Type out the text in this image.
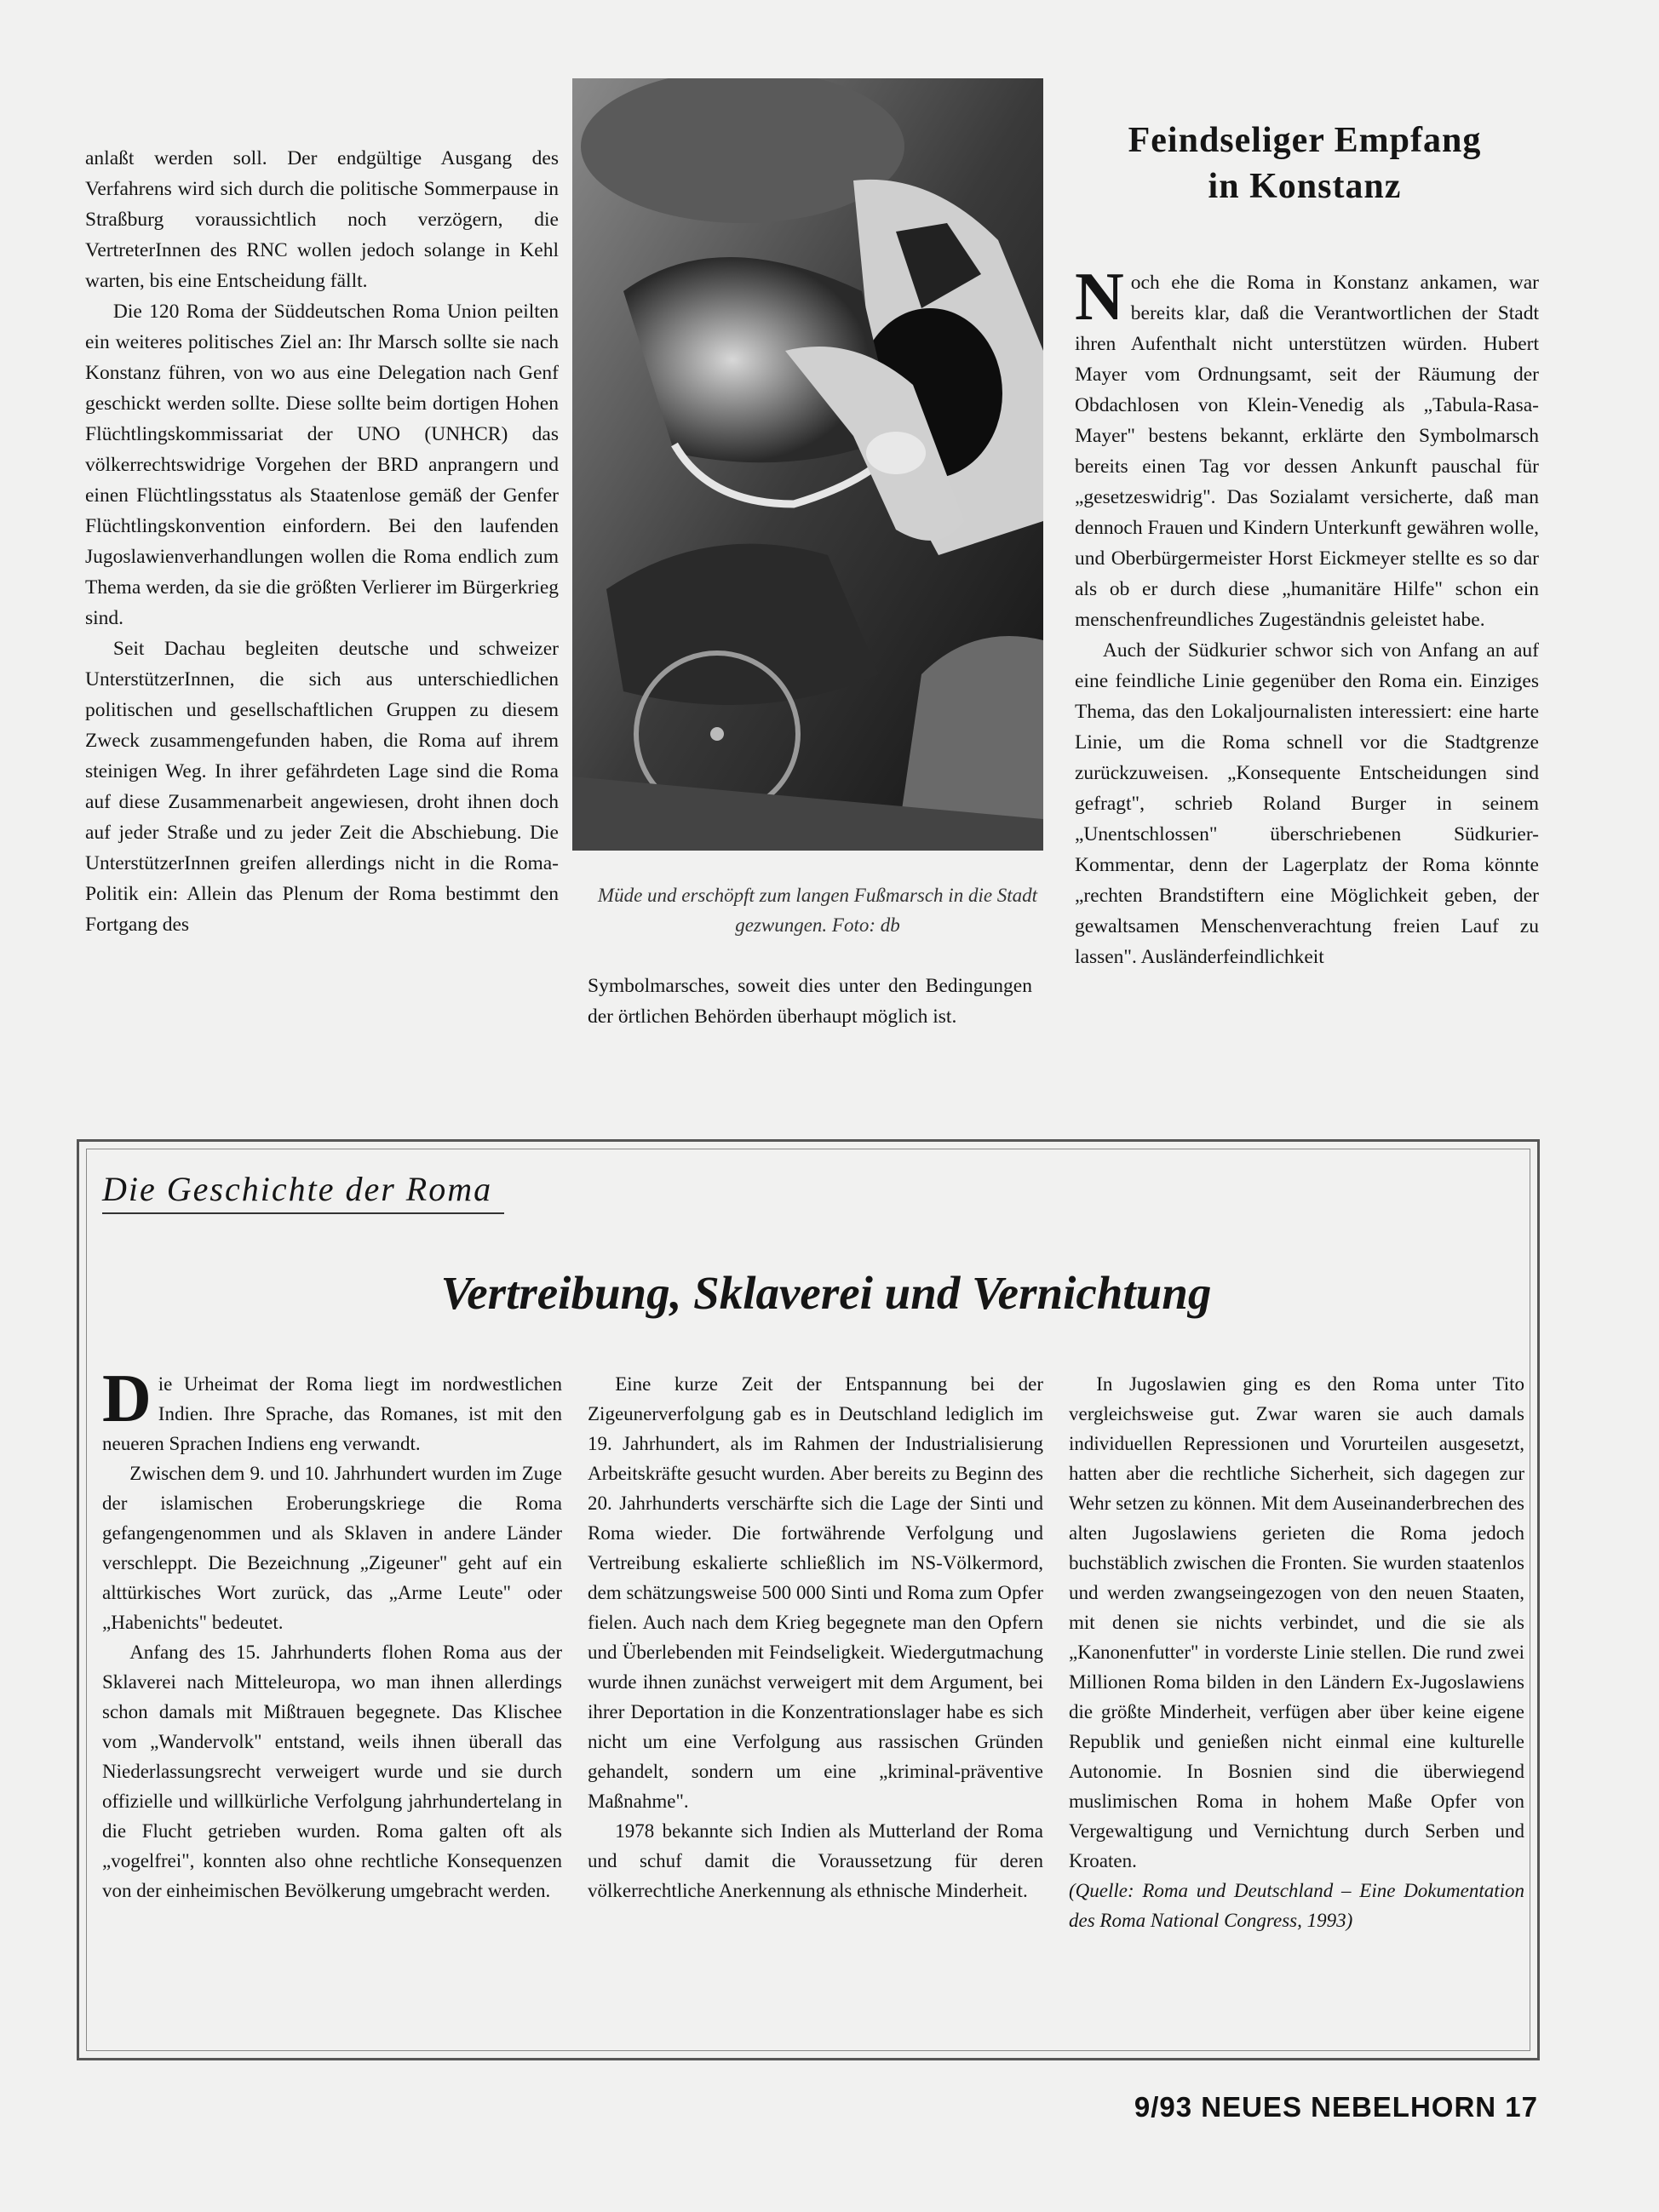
anlaßt werden soll. Der endgültige Ausgang des Verfahrens wird sich durch die politische Sommerpause in Straßburg voraussichtlich noch verzögern, die VertreterInnen des RNC wollen jedoch solange in Kehl warten, bis eine Entscheidung fällt.

Die 120 Roma der Süddeutschen Roma Union peilten ein weiteres politisches Ziel an: Ihr Marsch sollte sie nach Konstanz führen, von wo aus eine Delegation nach Genf geschickt werden sollte. Diese sollte beim dortigen Hohen Flüchtlingskommissariat der UNO (UNHCR) das völkerrechtswidrige Vorgehen der BRD anprangern und einen Flüchtlingsstatus als Staatenlose gemäß der Genfer Flüchtlingskonvention einfordern. Bei den laufenden Jugoslawienverhandlungen wollen die Roma endlich zum Thema werden, da sie die größten Verlierer im Bürgerkrieg sind.

Seit Dachau begleiten deutsche und schweizer UnterstützerInnen, die sich aus unterschiedlichen politischen und gesellschaftlichen Gruppen zu diesem Zweck zusammengefunden haben, die Roma auf ihrem steinigen Weg. In ihrer gefährdeten Lage sind die Roma auf diese Zusammenarbeit angewiesen, droht ihnen doch auf jeder Straße und zu jeder Zeit die Abschiebung. Die UnterstützerInnen greifen allerdings nicht in die Roma-Politik ein: Allein das Plenum der Roma bestimmt den Fortgang des

Müde und erschöpft zum langen Fußmarsch in die Stadt gezwungen. Foto: db

Symbolmarsches, soweit dies unter den Bedingungen der örtlichen Behörden überhaupt möglich ist.

Feindseliger Empfang
in Konstanz

Noch ehe die Roma in Konstanz ankamen, war bereits klar, daß die Verantwortlichen der Stadt ihren Aufenthalt nicht unterstützen würden. Hubert Mayer vom Ordnungsamt, seit der Räumung der Obdachlosen von Klein-Venedig als „Tabula-Rasa-Mayer" bestens bekannt, erklärte den Symbolmarsch bereits einen Tag vor dessen Ankunft pauschal für „gesetzeswidrig". Das Sozialamt versicherte, daß man dennoch Frauen und Kindern Unterkunft gewähren wolle, und Oberbürgermeister Horst Eickmeyer stellte es so dar als ob er durch diese „humanitäre Hilfe" schon ein menschenfreundliches Zugeständnis geleistet habe.

Auch der Südkurier schwor sich von Anfang an auf eine feindliche Linie gegenüber den Roma ein. Einziges Thema, das den Lokaljournalisten interessiert: eine harte Linie, um die Roma schnell vor die Stadtgrenze zurückzuweisen. „Konsequente Entscheidungen sind gefragt", schrieb Roland Burger in seinem „Unentschlossen" überschriebenen Südkurier-Kommentar, denn der Lagerplatz der Roma könnte „rechten Brandstiftern eine Möglichkeit geben, der gewaltsamen Menschenverachtung freien Lauf zu lassen". Ausländerfeindlichkeit

Die Geschichte der Roma
Vertreibung, Sklaverei und Vernichtung

Die Urheimat der Roma liegt im nordwestlichen Indien. Ihre Sprache, das Romanes, ist mit den neueren Sprachen Indiens eng verwandt.

Zwischen dem 9. und 10. Jahrhundert wurden im Zuge der islamischen Eroberungskriege die Roma gefangengenommen und als Sklaven in andere Länder verschleppt. Die Bezeichnung „Zigeuner" geht auf ein alttürkisches Wort zurück, das „Arme Leute" oder „Habenichts" bedeutet.

Anfang des 15. Jahrhunderts flohen Roma aus der Sklaverei nach Mitteleuropa, wo man ihnen allerdings schon damals mit Mißtrauen begegnete. Das Klischee vom „Wandervolk" entstand, weils ihnen überall das Niederlassungsrecht verweigert wurde und sie durch offizielle und willkürliche Verfolgung jahrhundertelang in die Flucht getrieben wurden. Roma galten oft als „vogelfrei", konnten also ohne rechtliche Konsequenzen von der einheimischen Bevölkerung umgebracht werden.

Eine kurze Zeit der Entspannung bei der Zigeunerverfolgung gab es in Deutschland lediglich im 19. Jahrhundert, als im Rahmen der Industrialisierung Arbeitskräfte gesucht wurden. Aber bereits zu Beginn des 20. Jahrhunderts verschärfte sich die Lage der Sinti und Roma wieder. Die fortwährende Verfolgung und Vertreibung eskalierte schließlich im NS-Völkermord, dem schätzungsweise 500 000 Sinti und Roma zum Opfer fielen. Auch nach dem Krieg begegnete man den Opfern und Überlebenden mit Feindseligkeit. Wiedergutmachung wurde ihnen zunächst verweigert mit dem Argument, bei ihrer Deportation in die Konzentrationslager habe es sich nicht um eine Verfolgung aus rassischen Gründen gehandelt, sondern um eine „kriminal-präventive Maßnahme".

1978 bekannte sich Indien als Mutterland der Roma und schuf damit die Voraussetzung für deren völkerrechtliche Anerkennung als ethnische Minderheit.

In Jugoslawien ging es den Roma unter Tito vergleichsweise gut. Zwar waren sie auch damals individuellen Repressionen und Vorurteilen ausgesetzt, hatten aber die rechtliche Sicherheit, sich dagegen zur Wehr setzen zu können. Mit dem Auseinanderbrechen des alten Jugoslawiens gerieten die Roma jedoch buchstäblich zwischen die Fronten. Sie wurden staatenlos und werden zwangseingezogen von den neuen Staaten, mit denen sie nichts verbindet, und die sie als „Kanonenfutter" in vorderste Linie stellen. Die rund zwei Millionen Roma bilden in den Ländern Ex-Jugoslawiens die größte Minderheit, verfügen aber über keine eigene Republik und genießen nicht einmal eine kulturelle Autonomie. In Bosnien sind die überwiegend muslimischen Roma in hohem Maße Opfer von Vergewaltigung und Vernichtung durch Serben und Kroaten.

(Quelle: Roma und Deutschland – Eine Dokumentation des Roma National Congress, 1993)

9/93 NEUES NEBELHORN 17
